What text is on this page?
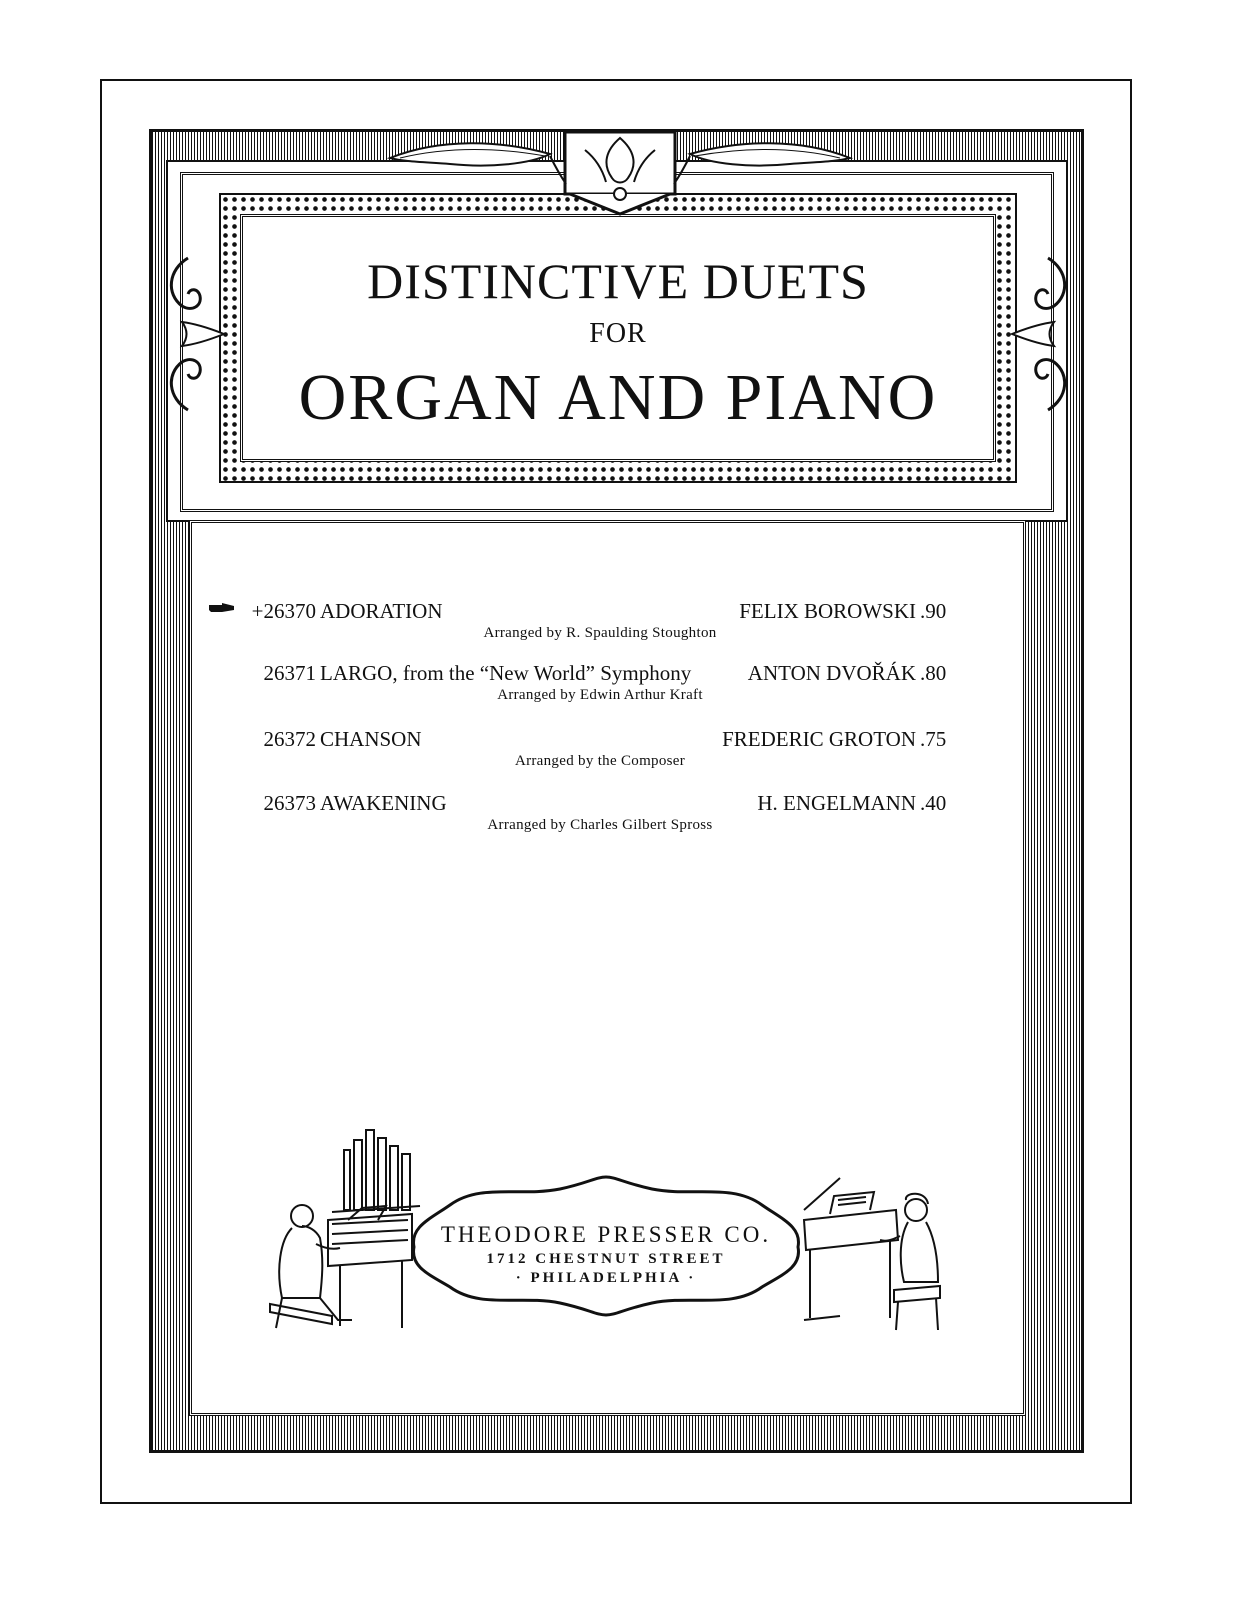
DISTINCTIVE DUETS
FOR
ORGAN AND PIANO
+26370 ADORATION	FELIX BOROWSKI .90
Arranged by R. Spaulding Stoughton
26371 LARGO, from the “New World” Symphony	ANTON DVOŘÁK .80
Arranged by Edwin Arthur Kraft
26372 CHANSON	FREDERIC GROTON .75
Arranged by the Composer
26373 AWAKENING	H. ENGELMANN .40
Arranged by Charles Gilbert Spross
THEODORE PRESSER CO.
1712 CHESTNUT STREET
· PHILADELPHIA ·
